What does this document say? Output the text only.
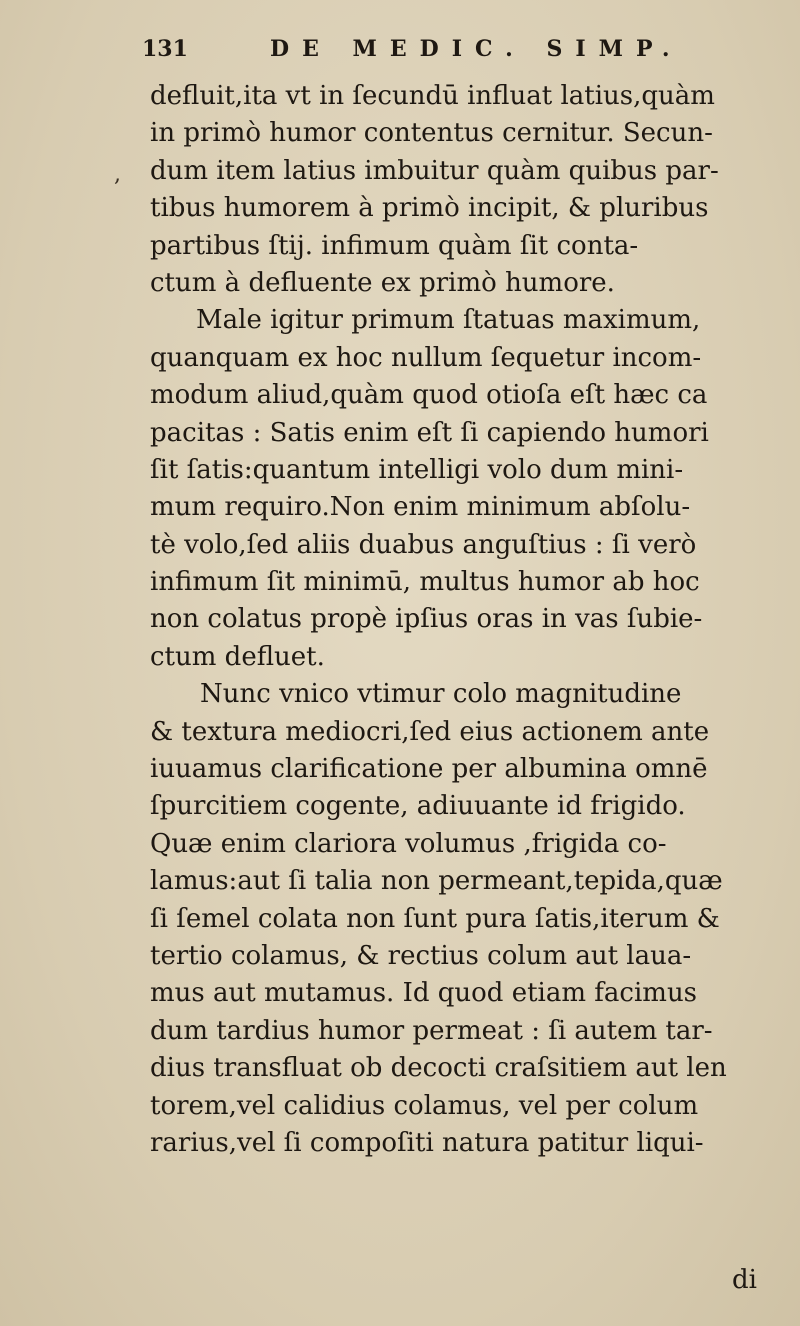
131	DE MEDIC. SIMP.
,
defluit,ita vt in ſecundū influat latius,quàm
in primò humor contentus cernitur. Secun-
dum item latius imbuitur quàm quibus par-
tibus humorem à primò incipit, & pluribus
partibus ſtij. infimum quàm ſit conta-
ctum à defluente ex primò humore.
Male igitur primum ſtatuas maximum,
quanquam ex hoc nullum ſequetur incom-
modum aliud,quàm quod otioſa eſt hæc ca
pacitas : Satis enim eſt ſi capiendo humori
ſit ſatis:quantum intelligi volo dum mini-
mum requiro.Non enim minimum abſolu-
tè volo,ſed aliis duabus anguſtius : ſi verò
infimum ſit minimū, multus humor ab hoc
non colatus propè ipſius oras in vas ſubie-
ctum defluet.
Nunc vnico vtimur colo magnitudine
& textura mediocri,ſed eius actionem ante
iuuamus clarificatione per albumina omnē
ſpurcitiem cogente, adiuuante id frigido.
Quæ enim clariora volumus ,frigida co-
lamus:aut ſi talia non permeant,tepida,quæ
ſi ſemel colata non ſunt pura ſatis,iterum &
tertio colamus, & rectius colum aut laua-
mus aut mutamus. Id quod etiam facimus
dum tardius humor permeat : ſi autem tar-
dius transfluat ob decocti craſsitiem aut len
torem,vel calidius colamus, vel per colum
rarius,vel ſi compoſiti natura patitur liqui-
di
